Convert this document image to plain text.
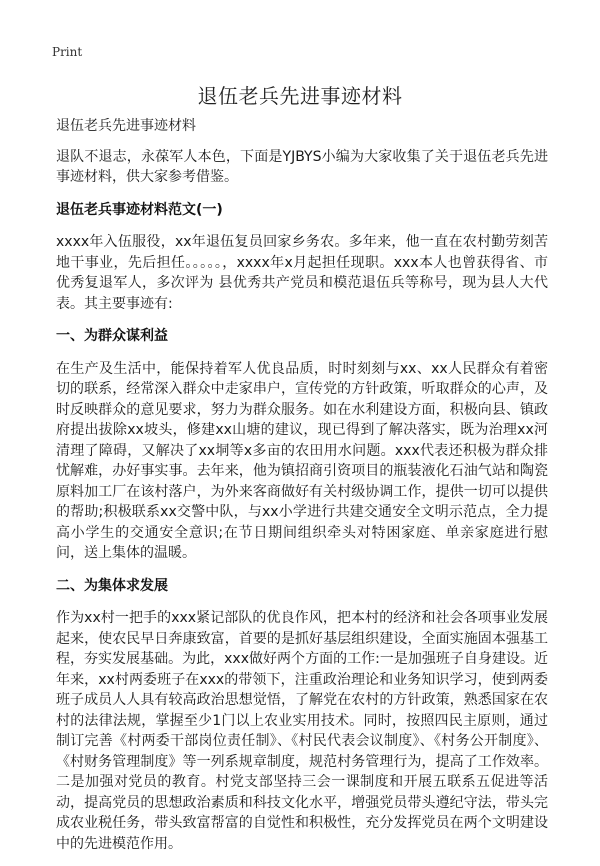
Print
退伍老兵先进事迹材料

退伍老兵先进事迹材料

退队不退志，永葆军人本色，下面是YJBYS小编为大家收集了关于退伍老兵先进事迹材料，供大家参考借鉴。

退伍老兵事迹材料范文(一)

xxxx年入伍服役，xx年退伍复员回家乡务农。多年来，他一直在农村勤劳刻苦地干事业，先后担任。。。。。，xxxx年x月起担任现职。xxx本人也曾获得省、市优秀复退军人，多次评为 县优秀共产党员和模范退伍兵等称号，现为县人大代表。其主要事迹有:

一、为群众谋利益

在生产及生活中，能保持着军人优良品质，时时刻刻与xx、xx人民群众有着密切的联系，经常深入群众中走家串户，宣传党的方针政策，听取群众的心声，及时反映群众的意见要求，努力为群众服务。如在水利建设方面，积极向县、镇政府提出拔除xx坡头，修建xx山塘的建议，现已得到了解决落实，既为治理xx河清理了障碍，又解决了xx垌等x多亩的农田用水问题。xxx代表还积极为群众排忧解难，办好事实事。去年来，他为镇招商引资项目的瓶装液化石油气站和陶瓷原料加工厂在该村落户，为外来客商做好有关村级协调工作，提供一切可以提供的帮助;积极联系xx交警中队，与xx小学进行共建交通安全文明示范点，全力提高小学生的交通安全意识;在节日期间组织牵头对特困家庭、单亲家庭进行慰问，送上集体的温暖。

二、为集体求发展

作为xx村一把手的xxx紧记部队的优良作风，把本村的经济和社会各项事业发展起来，使农民早日奔康致富，首要的是抓好基层组织建设，全面实施固本强基工程，夯实发展基础。为此，xxx做好两个方面的工作:一是加强班子自身建设。近年来，xx村两委班子在xxx的带领下，注重政治理论和业务知识学习，使到两委班子成员人人具有较高政治思想觉悟，了解党在农村的方针政策，熟悉国家在农村的法律法规，掌握至少1门以上农业实用技术。同时，按照四民主原则，通过制订完善《村两委干部岗位责任制》、《村民代表会议制度》、《村务公开制度》、《村财务管理制度》等一列系规章制度，规范村务管理行为，提高了工作效率。二是加强对党员的教育。村党支部坚持三会一课制度和开展五联系五促进等活动，提高党员的思想政治素质和科技文化水平，增强党员带头遵纪守法，带头完成农业税任务，带头致富帮富的自觉性和积极性，充分发挥党员在两个文明建设中的先进模范作用。
